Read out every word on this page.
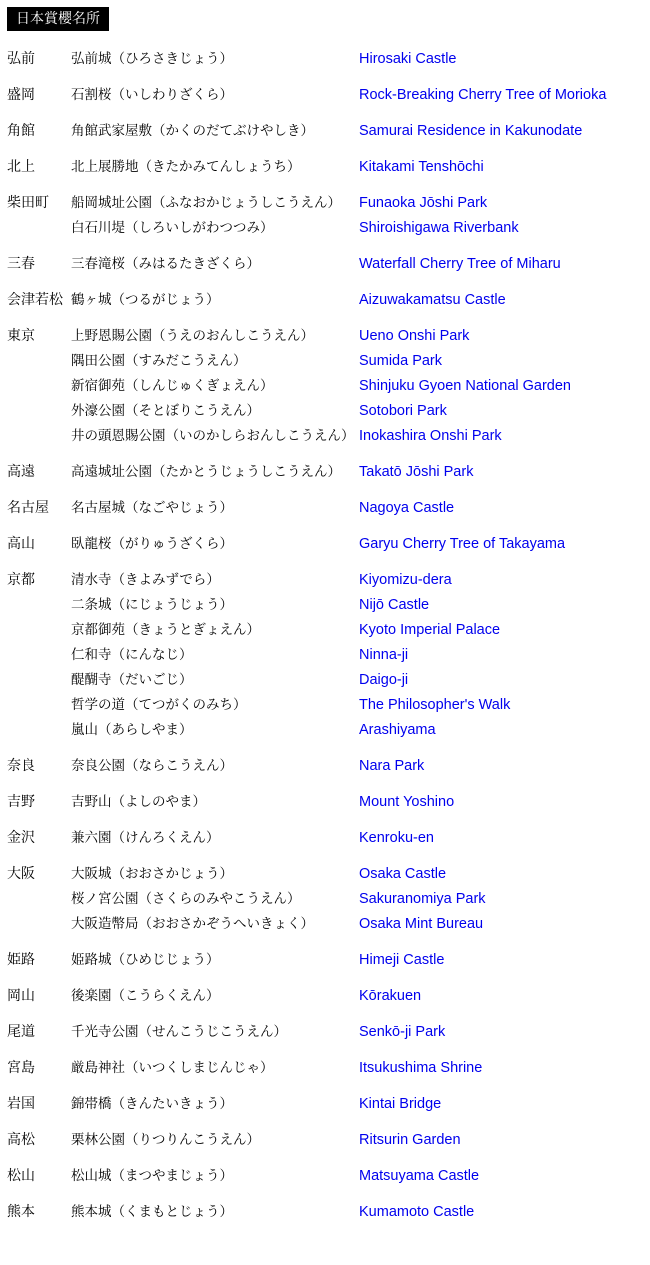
日本賞櫻名所
弘前	弘前城（ひろさきじょう）	Hirosaki Castle
盛岡	石割桜（いしわりざくら）	Rock-Breaking Cherry Tree of Morioka
角館	角館武家屋敷（かくのだてぶけやしき）	Samurai Residence in Kakunodate
北上	北上展勝地（きたかみてんしょうち）	Kitakami Tenshōchi
柴田町 船岡城址公園（ふなおかじょうしこうえん） Funaoka Jōshi Park
白石川堤（しろいしがわつつみ）	Shiroishigawa Riverbank
三春	三春滝桜（みはるたきざくら）	Waterfall Cherry Tree of Miharu
会津若松 鶴ヶ城（つるがじょう）	Aizuwakamatsu Castle
東京	上野恩賜公園（うえのおんしこうえん）	Ueno Onshi Park
隅田公園（すみだこうえん）	Sumida Park
新宿御苑（しんじゅくぎょえん）	Shinjuku Gyoen National Garden
外濠公園（そとぼりこうえん）	Sotobori Park
井の頭恩賜公園（いのかしらおんしこうえん） Inokashira Onshi Park
高遠	高遠城址公園（たかとうじょうしこうえん） Takatō Jōshi Park
名古屋 名古屋城（なごやじょう）	Nagoya Castle
高山	臥龍桜（がりゅうざくら）	Garyu Cherry Tree of Takayama
京都	清水寺（きよみずでら）	Kiyomizu-dera
二条城（にじょうじょう）	Nijō Castle
京都御苑（きょうとぎょえん）	Kyoto Imperial Palace
仁和寺（にんなじ）	Ninna-ji
醍醐寺（だいごじ）	Daigo-ji
哲学の道（てつがくのみち）	The Philosopher's Walk
嵐山（あらしやま）	Arashiyama
奈良	奈良公園（ならこうえん）	Nara Park
吉野	吉野山（よしのやま）	Mount Yoshino
金沢	兼六園（けんろくえん）	Kenroku-en
大阪	大阪城（おおさかじょう）	Osaka Castle
桜ノ宮公園（さくらのみやこうえん）	Sakuranomiya Park
大阪造幣局（おおさかぞうへいきょく）	Osaka Mint Bureau
姫路	姫路城（ひめじじょう）	Himeji Castle
岡山	後楽園（こうらくえん）	Kōrakuen
尾道	千光寺公園（せんこうじこうえん）	Senkō-ji Park
宮島	厳島神社（いつくしまじんじゃ）	Itsukushima Shrine
岩国	錦帯橋（きんたいきょう）	Kintai Bridge
高松	栗林公園（りつりんこうえん）	Ritsurin Garden
松山	松山城（まつやまじょう）	Matsuyama Castle
熊本	熊本城（くまもとじょう）	Kumamoto Castle
